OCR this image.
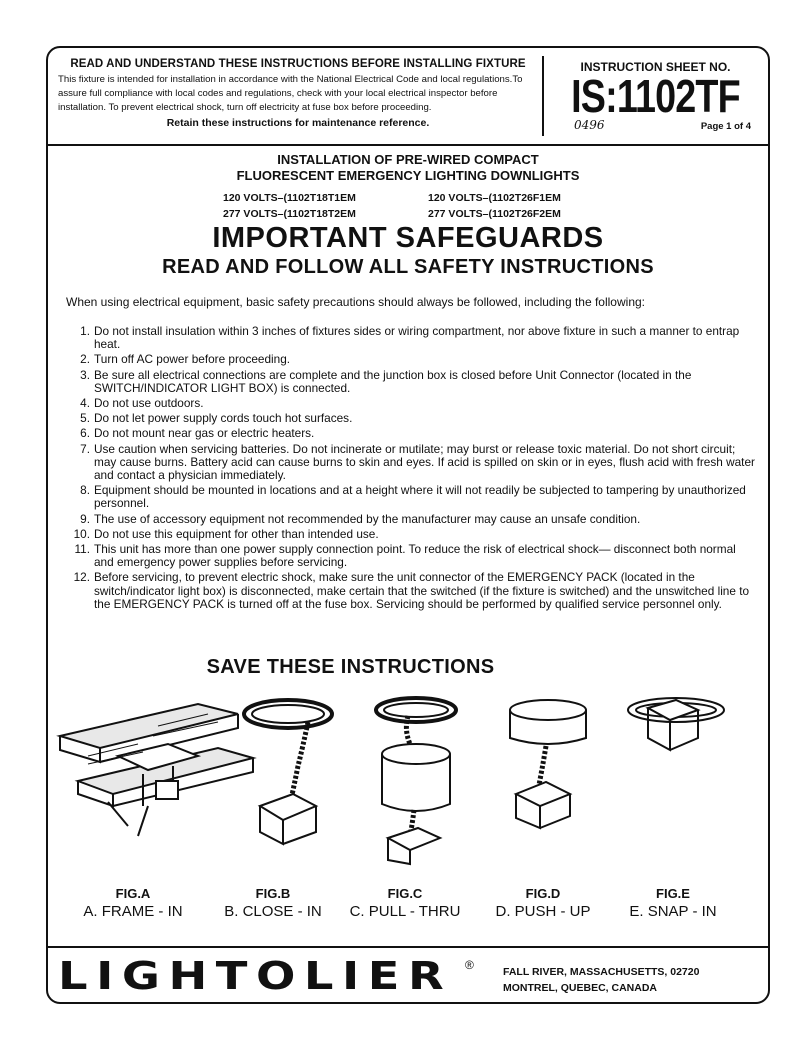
READ AND UNDERSTAND THESE INSTRUCTIONS BEFORE INSTALLING FIXTURE
This fixture is intended for installation in accordance with the National Electrical Code and local regulations.To assure full compliance with local codes and regulations, check with your local electrical inspector before installation. To prevent electrical shock, turn off electricity at fuse box before proceeding.
Retain these instructions for maintenance reference.
INSTRUCTION SHEET NO.
IS:1102TF
0496	Page 1 of 4
INSTALLATION OF PRE-WIRED COMPACT
FLUORESCENT EMERGENCY LIGHTING DOWNLIGHTS
120 VOLTS–(1102T18T1EM	120 VOLTS–(1102T26F1EM
277 VOLTS–(1102T18T2EM	277 VOLTS–(1102T26F2EM
IMPORTANT SAFEGUARDS
READ AND FOLLOW ALL SAFETY INSTRUCTIONS
When using electrical equipment, basic safety precautions should always be followed, including the following:
1. Do not install insulation within 3 inches of fixtures sides or wiring compartment, nor above fixture in such a manner to entrap heat.
2. Turn off AC power before proceeding.
3. Be sure all electrical connections are complete and the junction box is closed before Unit Connector (located in the SWITCH/INDICATOR LIGHT BOX) is connected.
4. Do not use outdoors.
5. Do not let power supply cords touch hot surfaces.
6. Do not mount near gas or electric heaters.
7. Use caution when servicing batteries. Do not incinerate or mutilate; may burst or release toxic material. Do not short circuit; may cause burns. Battery acid can cause burns to skin and eyes. If acid is spilled on skin or in eyes, flush acid with fresh water and contact a physician immediately.
8. Equipment should be mounted in locations and at a height where it will not readily be subjected to tampering by unauthorized personnel.
9. The use of accessory equipment not recommended by the manufacturer may cause an unsafe condition.
10. Do not use this equipment for other than intended use.
11. This unit has more than one power supply connection point. To reduce the risk of electrical shock— disconnect both normal and emergency power supplies before servicing.
12. Before servicing, to prevent electric shock, make sure the unit connector of the EMERGENCY PACK (located in the switch/indicator light box) is disconnected, make certain that the switched (if the fixture is switched) and the unswitched line to the EMERGENCY PACK is turned off at the fuse box. Servicing should be performed by qualified service personnel only.
SAVE THESE INSTRUCTIONS
FIG.A
A. FRAME - IN
FIG.B
B. CLOSE - IN
FIG.C
C. PULL - THRU
FIG.D
D. PUSH - UP
FIG.E
E. SNAP - IN
LIGHTOLIER ®	FALL RIVER, MASSACHUSETTS, 02720
MONTREL, QUEBEC, CANADA
